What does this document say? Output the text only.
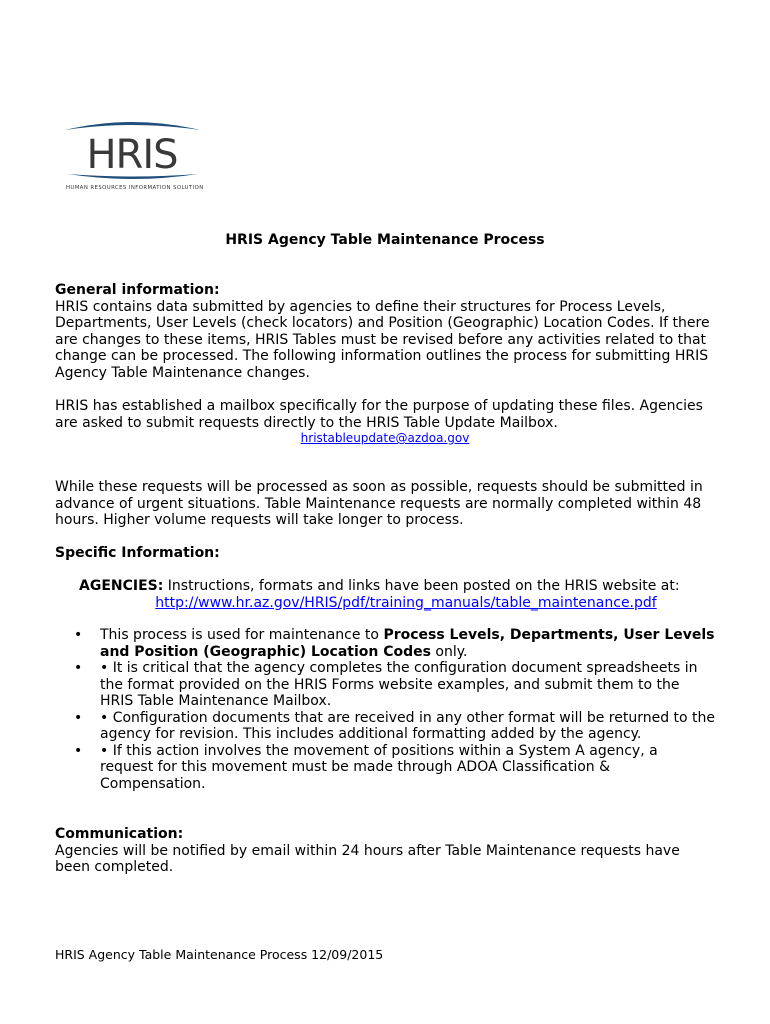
HRIS
HUMAN RESOURCES INFORMATION SOLUTION
HRIS Agency Table Maintenance Process
General information:
HRIS contains data submitted by agencies to define their structures for Process Levels, Departments, User Levels (check locators) and Position (Geographic) Location Codes. If there are changes to these items, HRIS Tables must be revised before any activities related to that change can be processed. The following information outlines the process for submitting HRIS Agency Table Maintenance changes.
HRIS has established a mailbox specifically for the purpose of updating these files. Agencies are asked to submit requests directly to the HRIS Table Update Mailbox.
hristableupdate@azdoa.gov
While these requests will be processed as soon as possible, requests should be submitted in advance of urgent situations. Table Maintenance requests are normally completed within 48 hours. Higher volume requests will take longer to process.
Specific Information:
AGENCIES: Instructions, formats and links have been posted on the HRIS website at:
http://www.hr.az.gov/HRIS/pdf/training_manuals/table_maintenance.pdf
• This process is used for maintenance to Process Levels, Departments, User Levels and Position (Geographic) Location Codes only.
• • It is critical that the agency completes the configuration document spreadsheets in the format provided on the HRIS Forms website examples, and submit them to the HRIS Table Maintenance Mailbox.
• • Configuration documents that are received in any other format will be returned to the agency for revision. This includes additional formatting added by the agency.
• • If this action involves the movement of positions within a System A agency, a request for this movement must be made through ADOA Classification & Compensation.
Communication:
Agencies will be notified by email within 24 hours after Table Maintenance requests have been completed.
HRIS Agency Table Maintenance Process 12/09/2015
